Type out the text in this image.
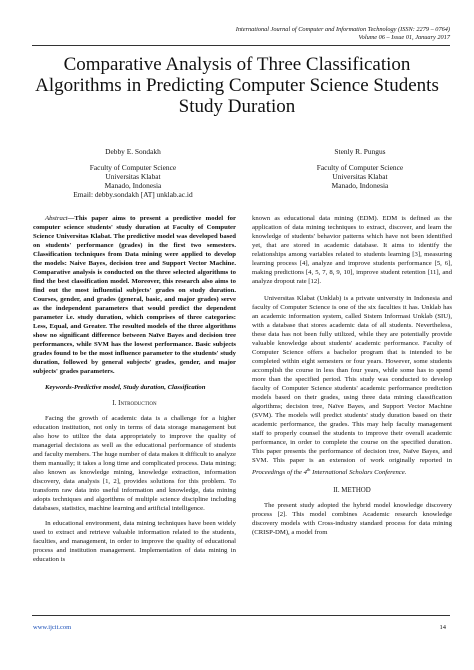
International Journal of Computer and Information Technology (ISSN: 2279 – 0764)
Volume 06 – Issue 01, January 2017
Comparative Analysis of Three Classification Algorithms in Predicting Computer Science Students Study Duration
Debby E. Sondakh
Faculty of Computer Science
Universitas Klabat
Manado, Indonesia
Email: debby.sondakh [AT] unklab.ac.id
Stenly R. Pungus
Faculty of Computer Science
Universitas Klabat
Manado, Indonesia

Abstract—This paper aims to present a predictive model for computer science students' study duration at Faculty of Computer Science Universitas Klabat. The predictive model was developed based on students' performance (grades) in the first two semesters. Classification techniques from Data mining were applied to develop the models: Naive Bayes, decision tree and Support Vector Machine. Comparative analysis is conducted on the three selected algorithms to find the best classification model. Moreover, this research also aims to find out the most influential subjects' grades on study duration. Courses, gender, and grades (general, basic, and major grades) serve as the independent parameters that would predict the dependent parameter i.e. study duration, which comprises of three categories: Less, Equal, and Greater. The resulted models of the three algorithms show no significant difference between Naïve Bayes and decision tree performances, while SVM has the lowest performance. Basic subjects grades found to be the most influence parameter to the students' study duration, followed by general subjects' grades, gender, and major subjects' grades parameters.

Keywords-Predictive model, Study duration, Classification

I. Introduction

Facing the growth of academic data is a challenge for a higher education institution, not only in terms of data storage management but also how to utilize the data appropriately to improve the quality of managerial decisions as well as the educational performance of students and faculty members. The huge number of data makes it difficult to analyze them manually; it takes a long time and complicated process. Data mining; also known as knowledge mining, knowledge extraction, information discovery, data analysis [1, 2], provides solutions for this problem. To transform raw data into useful information and knowledge, data mining adopts techniques and algorithms of multiple science discipline including databases, statistics, machine learning and artificial intelligence.

In educational environment, data mining techniques have been widely used to extract and retrieve valuable information related to the students, faculties, and management, in order to improve the quality of educational process and institution management. Implementation of data mining in education is

known as educational data mining (EDM). EDM is defined as the application of data mining techniques to extract, discover, and learn the knowledge of students' behavior patterns which have not been identified yet, that are stored in academic database. It aims to identify the relationships among variables related to students learning [3], measuring learning process [4], analyze and improve students performance [5, 6], making predictions [4, 5, 7, 8, 9, 10], improve student retention [11], and analyze dropout rate [12].

Universitas Klabat (Unklab) is a private university in Indonesia and faculty of Computer Science is one of the six faculties it has. Unklab has an academic information system, called Sistem Informasi Unklab (SIU), with a database that stores academic data of all students. Nevertheless, these data has not been fully utilized, while they are potentially provide valuable knowledge about students' academic performance. Faculty of Computer Science offers a bachelor program that is intended to be completed within eight semesters or four years. However, some students accomplish the course in less than four years, while some has to spend more than the specified period. This study was conducted to develop faculty of Computer Science students' academic performance prediction models based on their grades, using three data mining classification algorithms; decision tree, Naïve Bayes, and Support Vector Machine (SVM). The models will predict students' study duration based on their academic performance, the grades. This may help faculty management staff to properly counsel the students to improve their overall academic performance, in order to complete the course on the specified duration. This paper presents the performance of decision tree, Naïve Bayes, and SVM. This paper is an extension of work originally reported in Proceedings of the 4th International Scholars Conference.

II. METHOD

The present study adopted the hybrid model knowledge discovery process [2]. This model combines Academic research knowledge discovery models with Cross-industry standard process for data mining (CRISP-DM), a model from

www.ijcit.com	14
